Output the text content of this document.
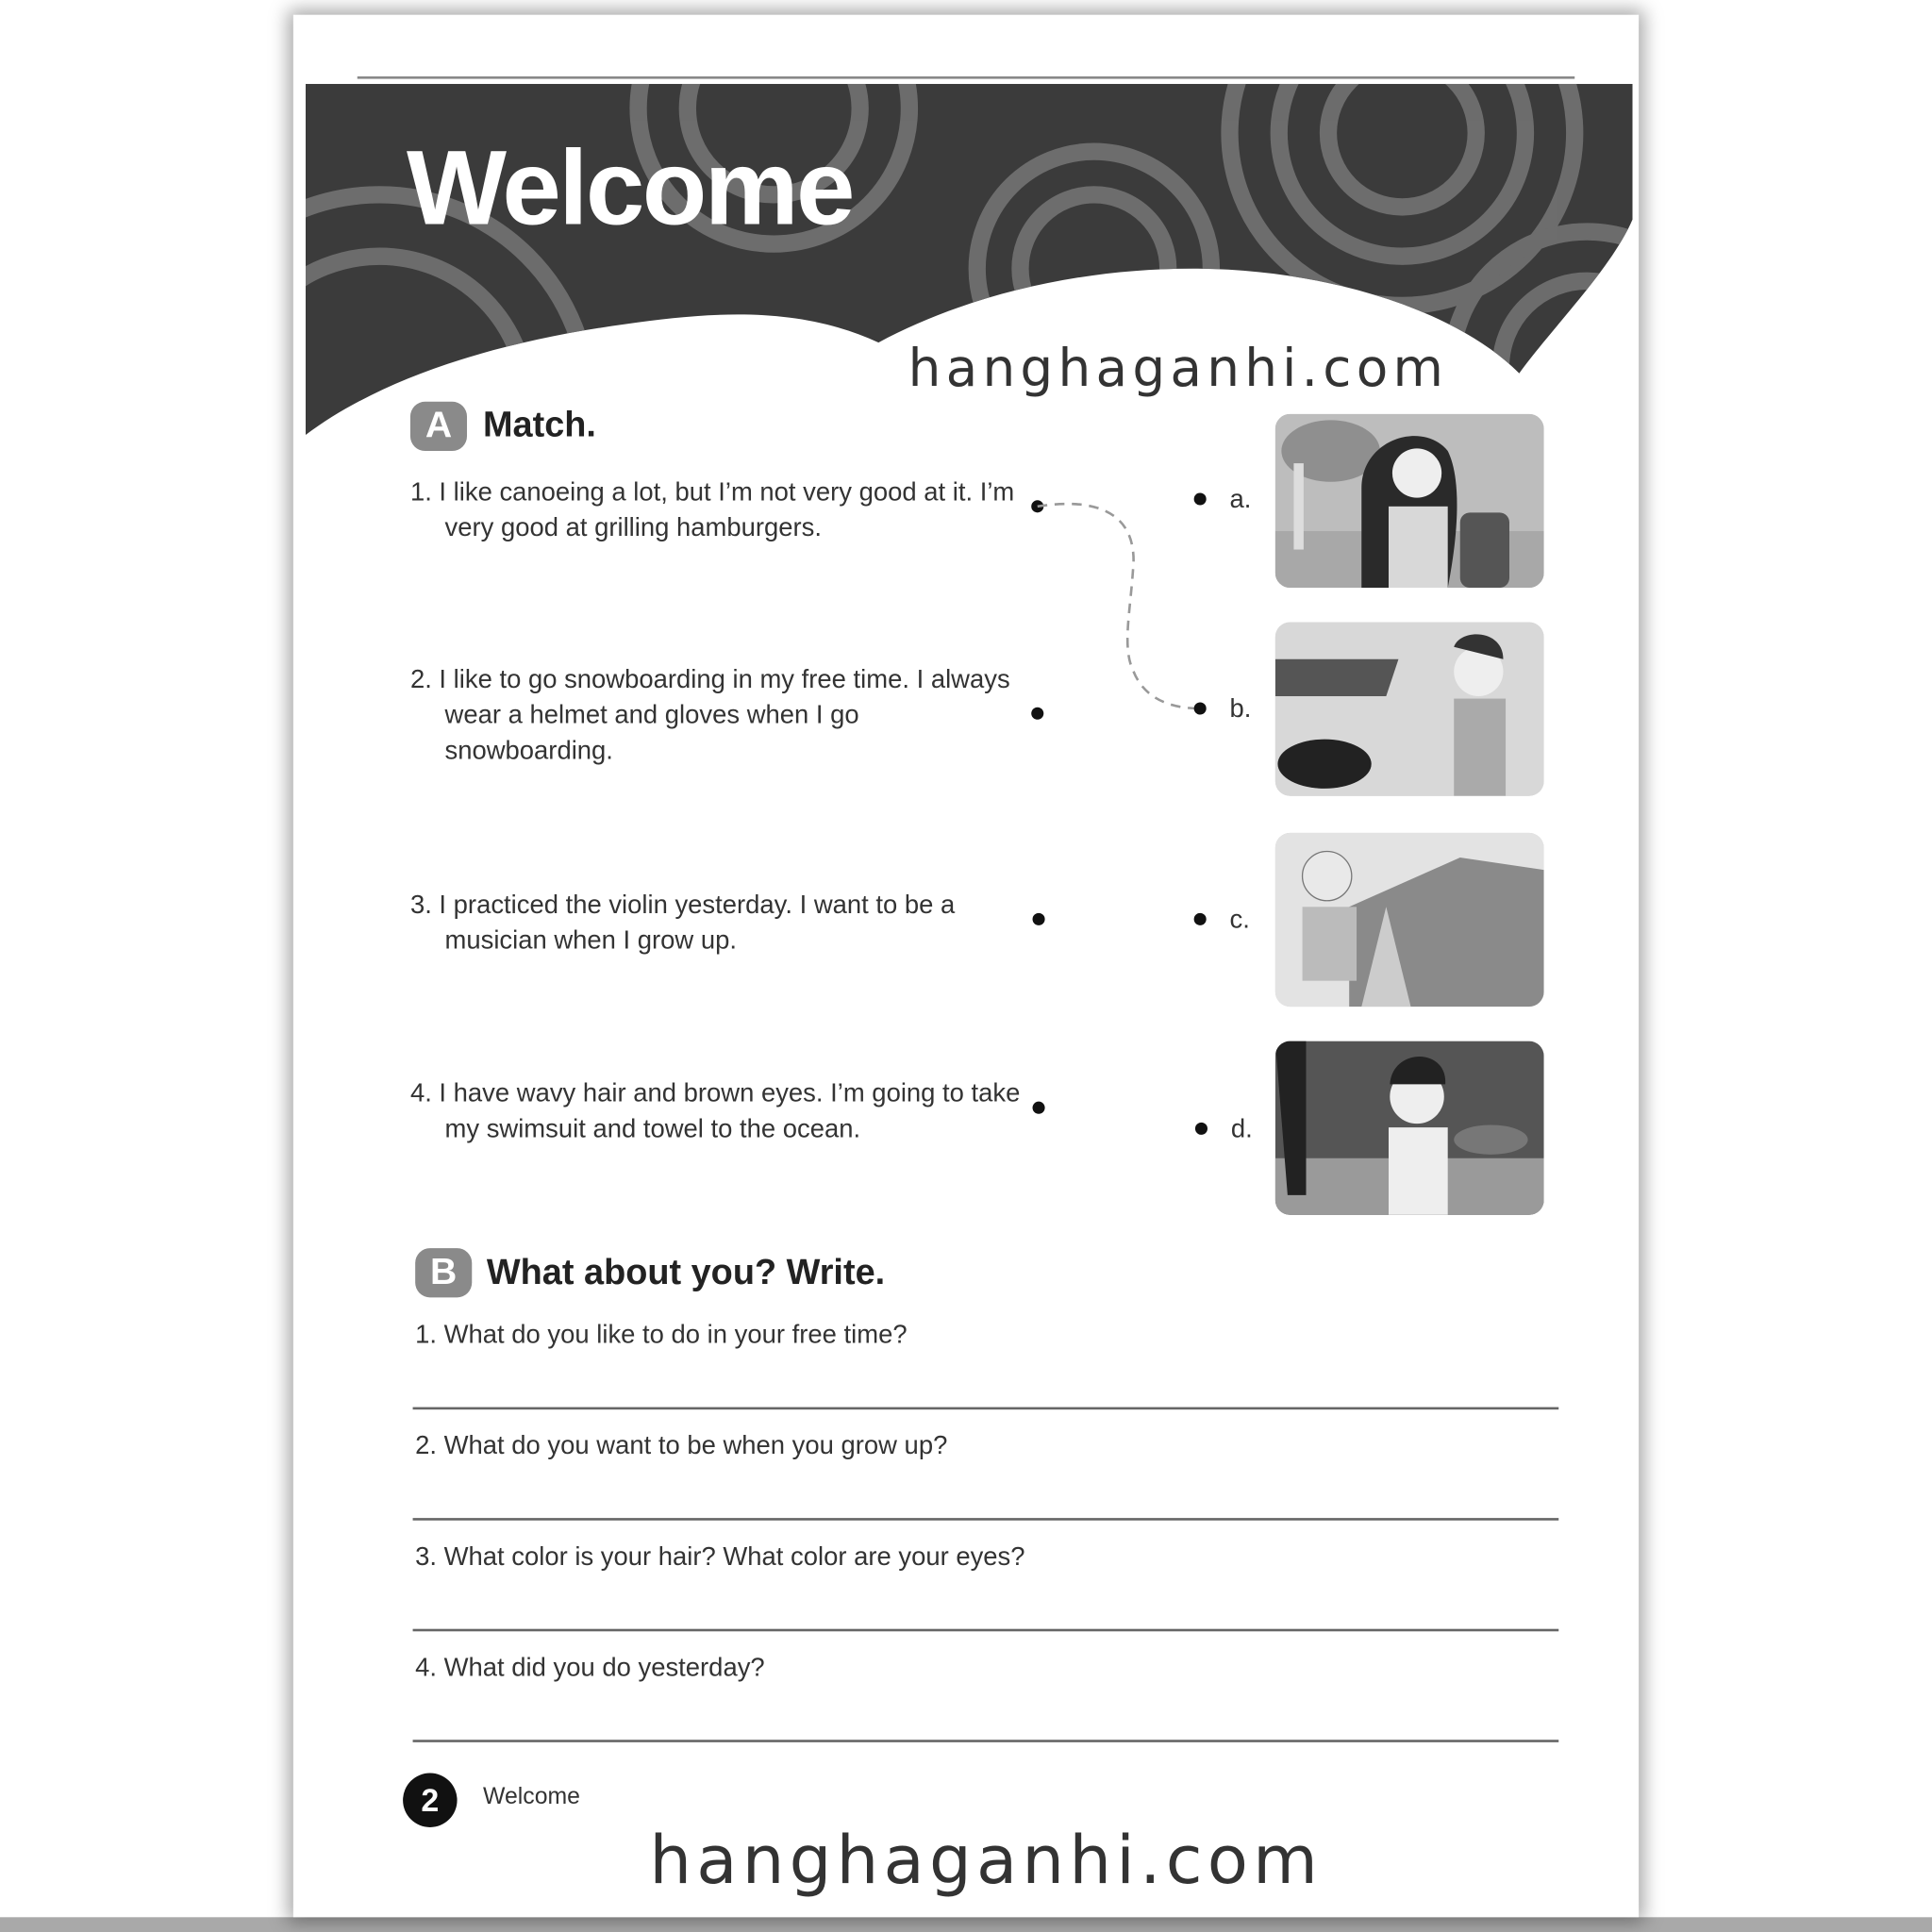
Welcome
hanghaganhi.com
A	Match.
1. I like canoeing a lot, but I’m not very good at it. I’m very good at grilling hamburgers.
2. I like to go snowboarding in my free time. I always wear a helmet and gloves when I go snowboarding.
3. I practiced the violin yesterday. I want to be a musician when I grow up.
4. I have wavy hair and brown eyes. I’m going to take my swimsuit and towel to the ocean.
a.
b.
c.
d.
B	What about you? Write.
1. What do you like to do in your free time?
2. What do you want to be when you grow up?
3. What color is your hair? What color are your eyes?
4. What did you do yesterday?
2	Welcome
hanghaganhi.com
